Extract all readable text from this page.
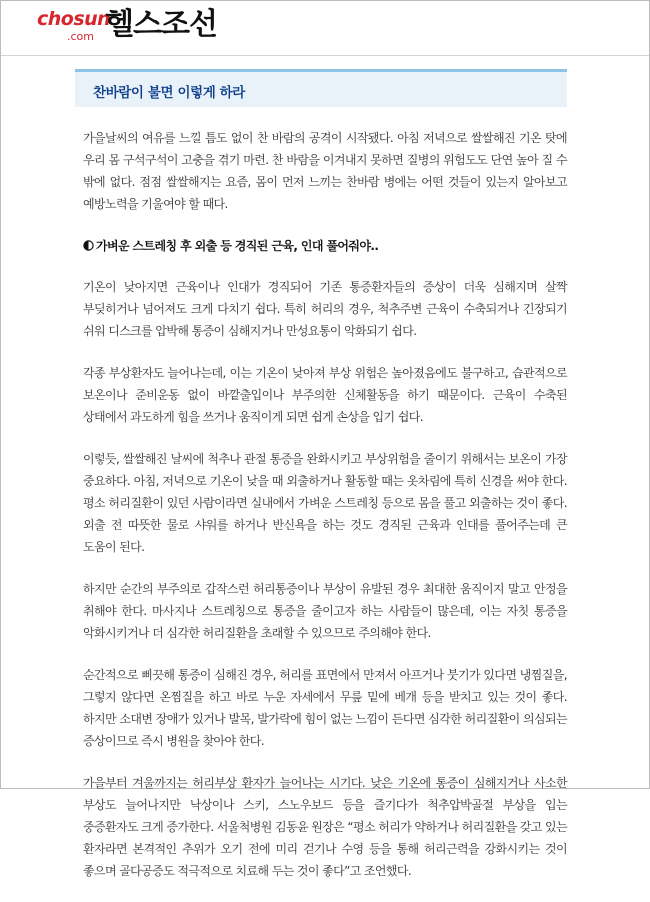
chosun
.com 헬스조선
찬바람이 불면 이렇게 하라

가을날씨의 여유를 느낄 틈도 없이 찬 바람의 공격이 시작됐다. 아침 저녁으로 쌀쌀해진 기온 탓에 우리 몸 구석구석이 고충을 겪기 마련. 찬 바람을 이겨내지 못하면 질병의 위험도도 단연 높아 질 수 밖에 없다. 점점 쌀쌀해지는 요즘, 몸이 먼저 느끼는 찬바람 병에는 어떤 것들이 있는지 알아보고 예방노력을 기울여야 할 때다.

가벼운 스트레칭 후 외출 등 경직된 근육, 인대 풀어줘야..

기온이 낮아지면 근육이나 인대가 경직되어 기존 통증환자들의 증상이 더욱 심해지며 살짝 부딪히거나 넘어져도 크게 다치기 쉽다. 특히 허리의 경우, 척추주변 근육이 수축되거나 긴장되기 쉬워 디스크를 압박해 통증이 심해지거나 만성요통이 악화되기 쉽다.

각종 부상환자도 늘어나는데, 이는 기온이 낮아져 부상 위험은 높아졌음에도 불구하고, 습관적으로 보온이나 준비운동 없이 바깥출입이나 부주의한 신체활동을 하기 때문이다. 근육이 수축된 상태에서 과도하게 힘을 쓰거나 움직이게 되면 쉽게 손상을 입기 쉽다.

이렇듯, 쌀쌀해진 날씨에 척추나 관절 통증을 완화시키고 부상위험을 줄이기 위해서는 보온이 가장 중요하다. 아침, 저녁으로 기온이 낮을 때 외출하거나 활동할 때는 옷차림에 특히 신경을 써야 한다. 평소 허리질환이 있던 사람이라면 실내에서 가벼운 스트레칭 등으로 몸을 풀고 외출하는 것이 좋다. 외출 전 따뜻한 물로 샤워를 하거나 반신욕을 하는 것도 경직된 근육과 인대를 풀어주는데 큰 도움이 된다.

하지만 순간의 부주의로 갑작스런 허리통증이나 부상이 유발된 경우 최대한 움직이지 말고 안정을 취해야 한다. 마사지나 스트레칭으로 통증을 줄이고자 하는 사람들이 많은데, 이는 자칫 통증을 악화시키거나 더 심각한 허리질환을 초래할 수 있으므로 주의해야 한다.

순간적으로 삐끗해 통증이 심해진 경우, 허리를 표면에서 만져서 아프거나 붓기가 있다면 냉찜질을, 그렇지 않다면 온찜질을 하고 바로 누운 자세에서 무릎 밑에 베개 등을 받치고 있는 것이 좋다. 하지만 소대변 장애가 있거나 발목, 발가락에 힘이 없는 느낌이 든다면 심각한 허리질환이 의심되는 증상이므로 즉시 병원을 찾아야 한다.

가을부터 겨울까지는 허리부상 환자가 늘어나는 시기다. 낮은 기온에 통증이 심해지거나 사소한 부상도 늘어나지만 낙상이나 스키, 스노우보드 등을 즐기다가 척추압박골절 부상을 입는 중증환자도 크게 증가한다. 서울척병원 김동윤 원장은 “평소 허리가 약하거나 허리질환을 갖고 있는 환자라면 본격적인 추위가 오기 전에 미리 걷기나 수영 등을 통해 허리근력을 강화시키는 것이 좋으며 골다공증도 적극적으로 치료해 두는 것이 좋다”고 조언했다.
